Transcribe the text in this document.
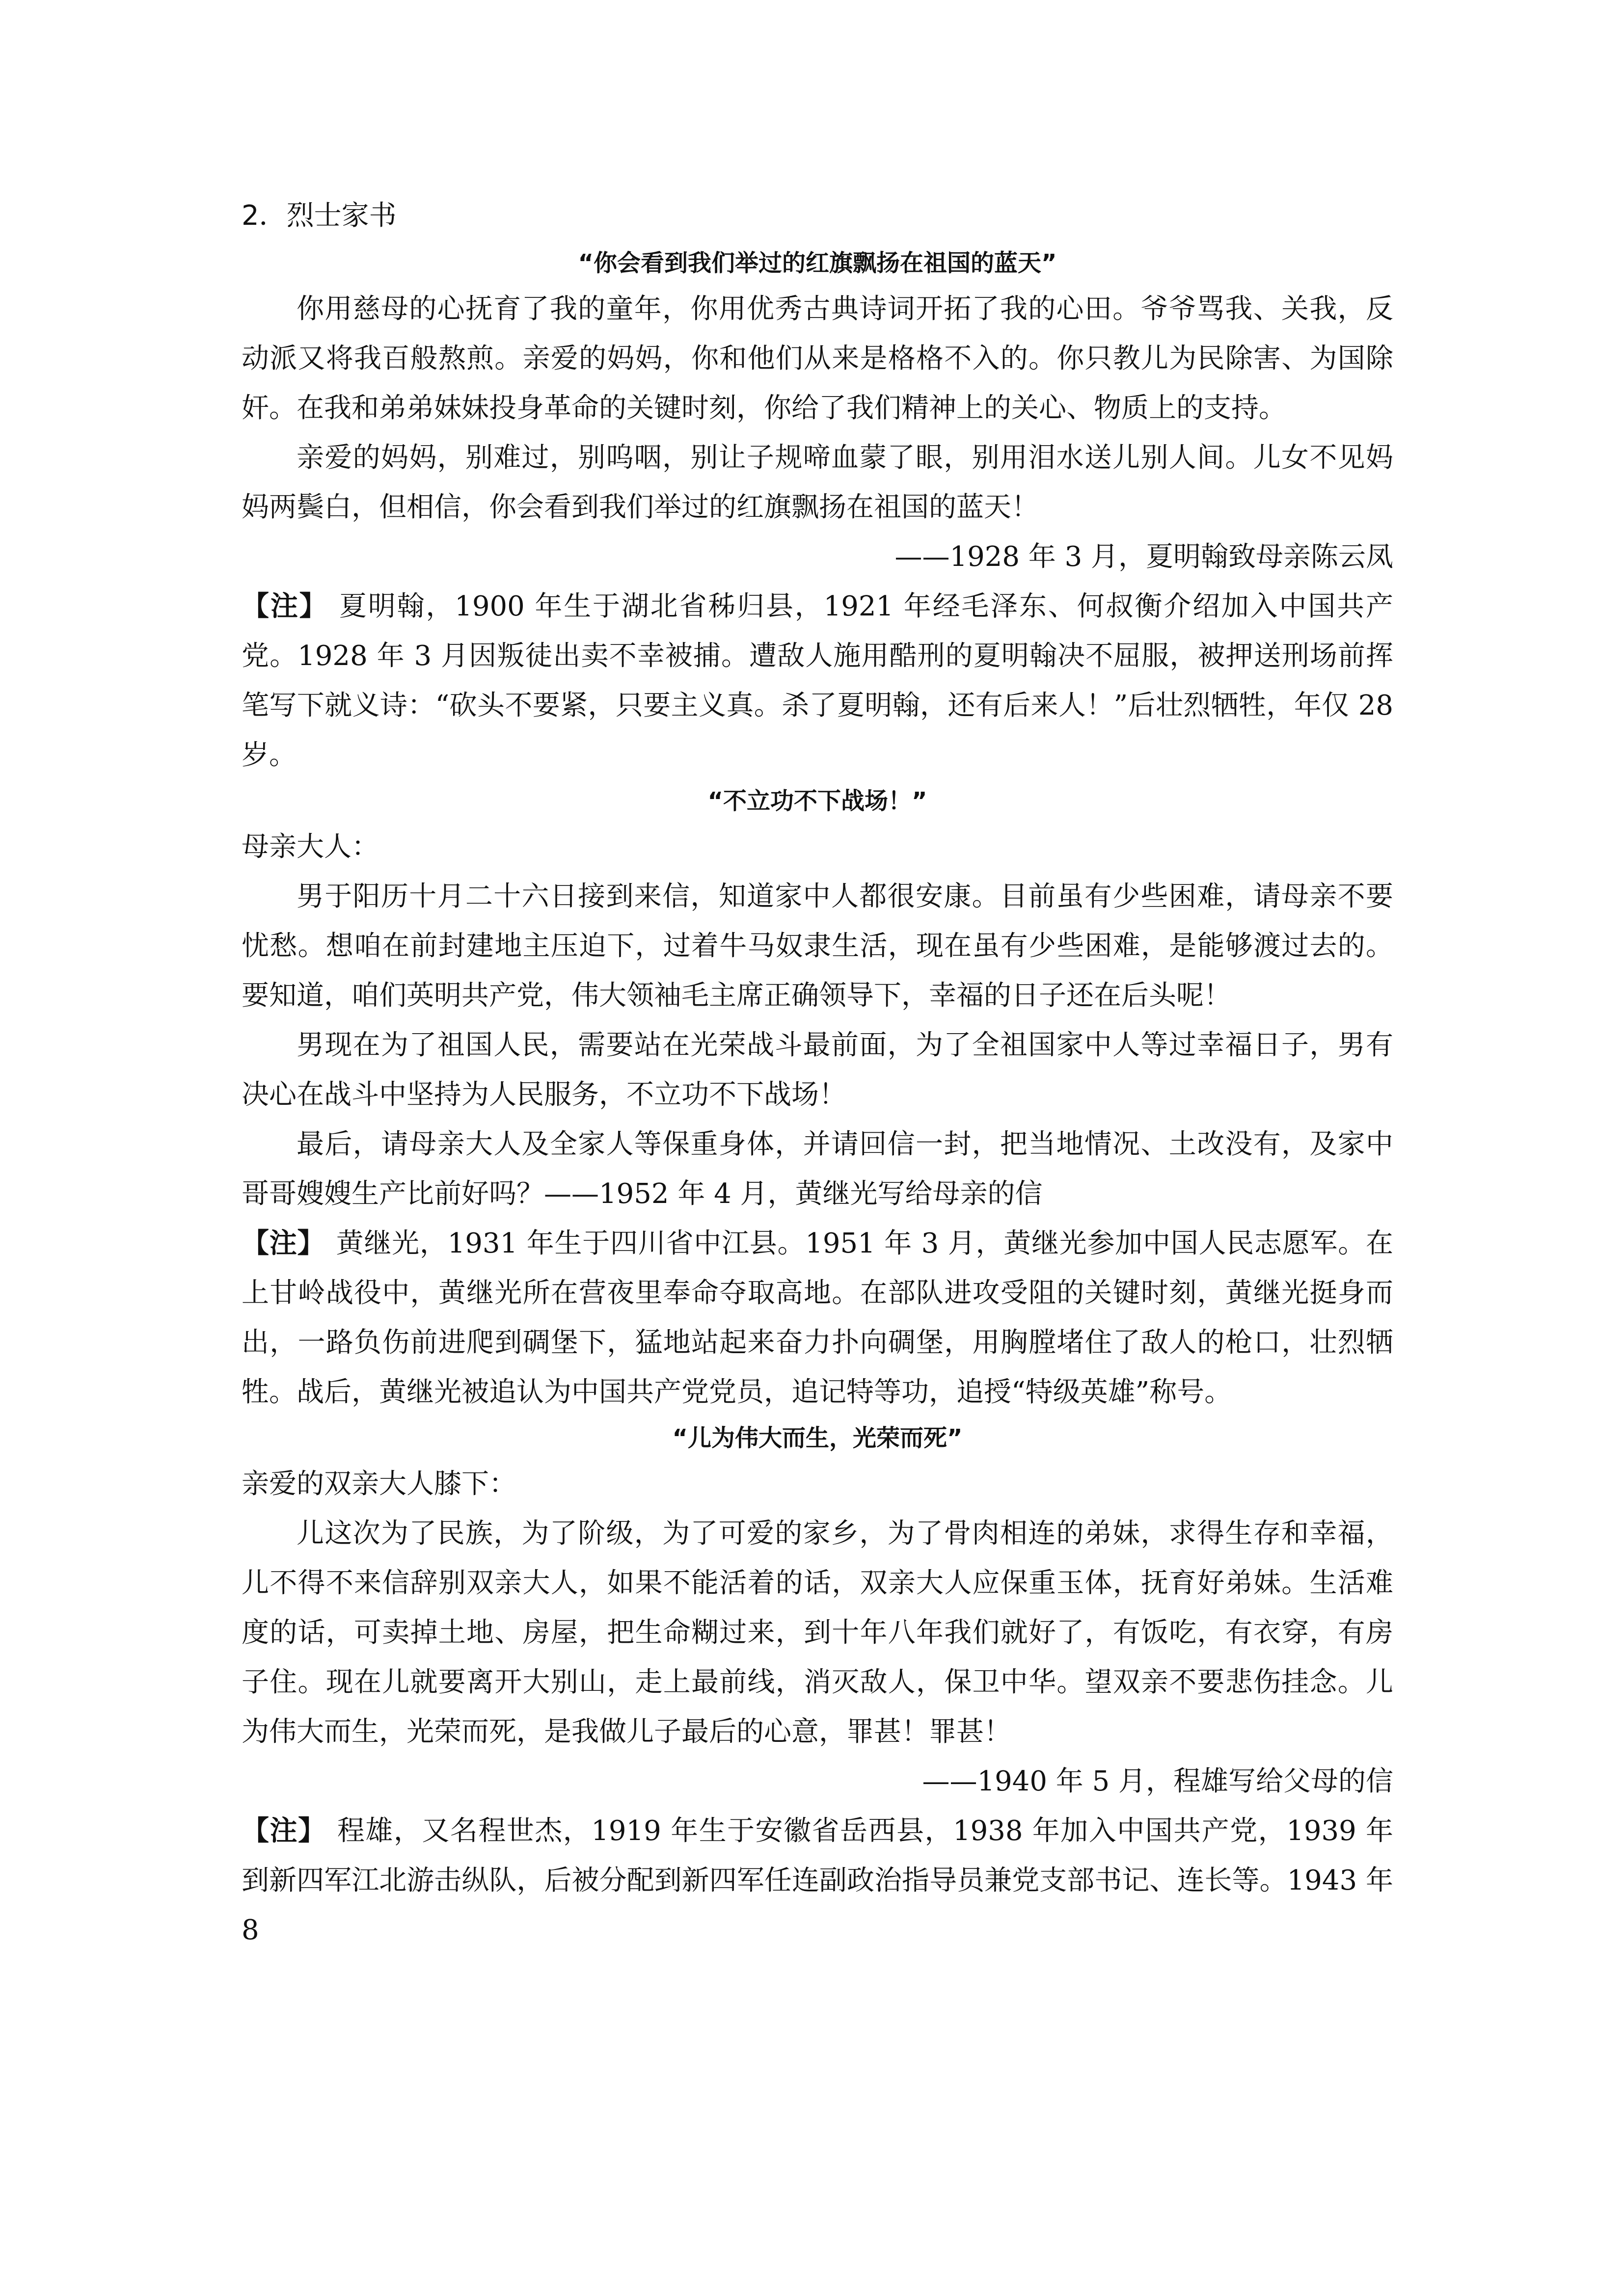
2．烈士家书
“你会看到我们举过的红旗飘扬在祖国的蓝天”

你用慈母的心抚育了我的童年，你用优秀古典诗词开拓了我的心田。爷爷骂我、关我，反动派又将我百般熬煎。亲爱的妈妈，你和他们从来是格格不入的。你只教儿为民除害、为国除奸。在我和弟弟妹妹投身革命的关键时刻，你给了我们精神上的关心、物质上的支持。

亲爱的妈妈，别难过，别呜咽，别让子规啼血蒙了眼，别用泪水送儿别人间。儿女不见妈妈两鬓白，但相信，你会看到我们举过的红旗飘扬在祖国的蓝天！

——1928 年 3 月，夏明翰致母亲陈云凤

【注】 夏明翰，1900 年生于湖北省秭归县，1921 年经毛泽东、何叔衡介绍加入中国共产党。1928 年 3 月因叛徒出卖不幸被捕。遭敌人施用酷刑的夏明翰决不屈服，被押送刑场前挥笔写下就义诗：“砍头不要紧，只要主义真。杀了夏明翰，还有后来人！”后壮烈牺牲，年仅 28 岁。

“不立功不下战场！”

母亲大人：

男于阳历十月二十六日接到来信，知道家中人都很安康。目前虽有少些困难，请母亲不要忧愁。想咱在前封建地主压迫下，过着牛马奴隶生活，现在虽有少些困难，是能够渡过去的。要知道，咱们英明共产党，伟大领袖毛主席正确领导下，幸福的日子还在后头呢！

男现在为了祖国人民，需要站在光荣战斗最前面，为了全祖国家中人等过幸福日子，男有决心在战斗中坚持为人民服务，不立功不下战场！

最后，请母亲大人及全家人等保重身体，并请回信一封，把当地情况、土改没有，及家中哥哥嫂嫂生产比前好吗？——1952 年 4 月，黄继光写给母亲的信

【注】 黄继光，1931 年生于四川省中江县。1951 年 3 月，黄继光参加中国人民志愿军。在上甘岭战役中，黄继光所在营夜里奉命夺取高地。在部队进攻受阻的关键时刻，黄继光挺身而出，一路负伤前进爬到碉堡下，猛地站起来奋力扑向碉堡，用胸膛堵住了敌人的枪口，壮烈牺牲。战后，黄继光被追认为中国共产党党员，追记特等功，追授“特级英雄”称号。

“儿为伟大而生，光荣而死”

亲爱的双亲大人膝下：

儿这次为了民族，为了阶级，为了可爱的家乡，为了骨肉相连的弟妹，求得生存和幸福，儿不得不来信辞别双亲大人，如果不能活着的话，双亲大人应保重玉体，抚育好弟妹。生活难度的话，可卖掉土地、房屋，把生命糊过来，到十年八年我们就好了，有饭吃，有衣穿，有房子住。现在儿就要离开大别山，走上最前线，消灭敌人，保卫中华。望双亲不要悲伤挂念。儿为伟大而生，光荣而死，是我做儿子最后的心意，罪甚！罪甚！

——1940 年 5 月，程雄写给父母的信

【注】 程雄，又名程世杰，1919 年生于安徽省岳西县，1938 年加入中国共产党，1939 年到新四军江北游击纵队，后被分配到新四军任连副政治指导员兼党支部书记、连长等。1943 年 8
